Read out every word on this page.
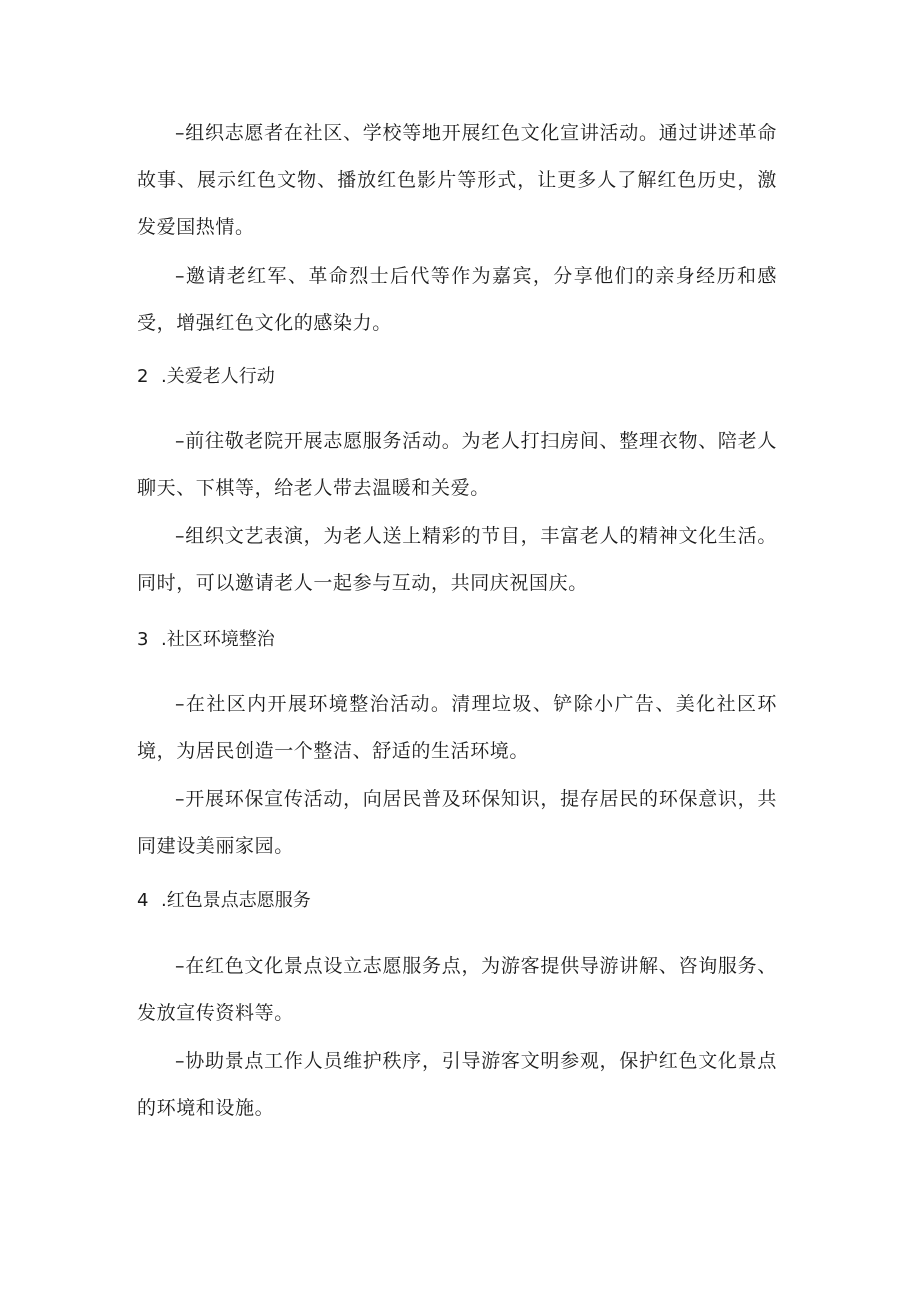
–组织志愿者在社区、学校等地开展红色文化宣讲活动。通过讲述革命故事、展示红色文物、播放红色影片等形式，让更多人了解红色历史，激发爱国热情。

–邀请老红军、革命烈士后代等作为嘉宾，分享他们的亲身经历和感受，增强红色文化的感染力。

2 .关爱老人行动

–前往敬老院开展志愿服务活动。为老人打扫房间、整理衣物、陪老人聊天、下棋等，给老人带去温暖和关爱。

–组织文艺表演，为老人送上精彩的节目，丰富老人的精神文化生活。同时，可以邀请老人一起参与互动，共同庆祝国庆。

3 .社区环境整治

–在社区内开展环境整治活动。清理垃圾、铲除小广告、美化社区环境，为居民创造一个整洁、舒适的生活环境。

–开展环保宣传活动，向居民普及环保知识，提存居民的环保意识，共同建设美丽家园。

4 .红色景点志愿服务

–在红色文化景点设立志愿服务点，为游客提供导游讲解、咨询服务、发放宣传资料等。

–协助景点工作人员维护秩序，引导游客文明参观，保护红色文化景点的环境和设施。
